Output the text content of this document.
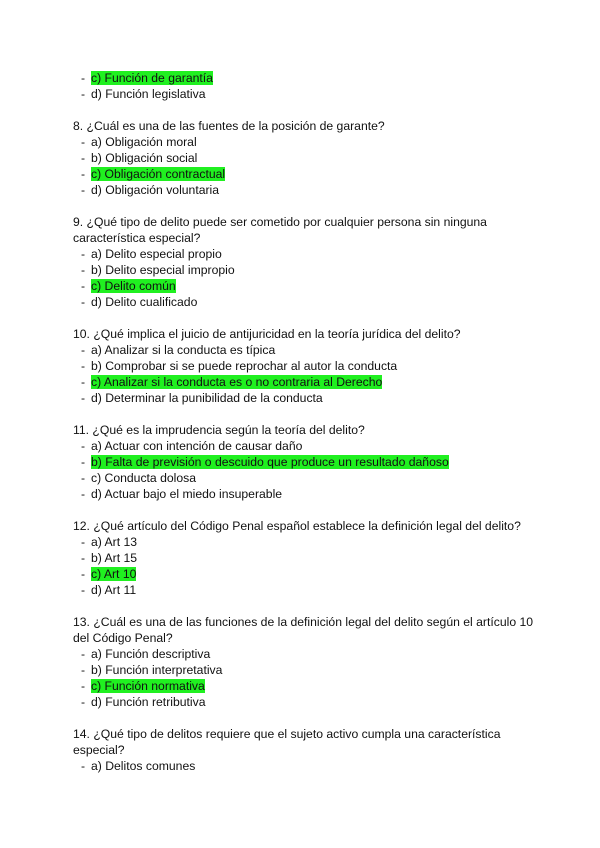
- c) Función de garantía
- d) Función legislativa
8. ¿Cuál es una de las fuentes de la posición de garante?
- a) Obligación moral
- b) Obligación social
- c) Obligación contractual
- d) Obligación voluntaria
9. ¿Qué tipo de delito puede ser cometido por cualquier persona sin ninguna característica especial?
- a) Delito especial propio
- b) Delito especial impropio
- c) Delito común
- d) Delito cualificado
10. ¿Qué implica el juicio de antijuricidad en la teoría jurídica del delito?
- a) Analizar si la conducta es típica
- b) Comprobar si se puede reprochar al autor la conducta
- c) Analizar si la conducta es o no contraria al Derecho
- d) Determinar la punibilidad de la conducta
11. ¿Qué es la imprudencia según la teoría del delito?
- a) Actuar con intención de causar daño
- b) Falta de previsión o descuido que produce un resultado dañoso
- c) Conducta dolosa
- d) Actuar bajo el miedo insuperable
12. ¿Qué artículo del Código Penal español establece la definición legal del delito?
- a) Art 13
- b) Art 15
- c) Art 10
- d) Art 11
13. ¿Cuál es una de las funciones de la definición legal del delito según el artículo 10 del Código Penal?
- a) Función descriptiva
- b) Función interpretativa
- c) Función normativa
- d) Función retributiva
14. ¿Qué tipo de delitos requiere que el sujeto activo cumpla una característica especial?
- a) Delitos comunes
